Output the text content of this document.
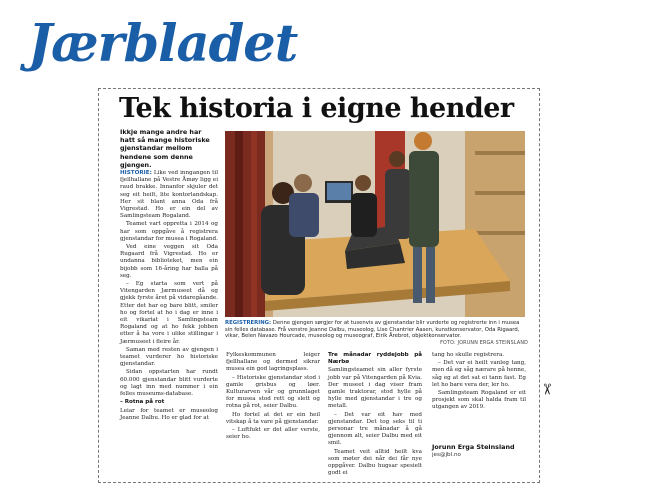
Jærbladet
✂
Tek historia i eigne hender
Ikkje mange andre har hatt så mange historiske gjenstandar mellom hendene som denne gjengen.

HISTORIE: Like ved inngangen til fjellhallane på Vestre Åmøy ligg ei raud brakke. Innanfor skjuler det seg eit heilt, lite kontorlandskap. Her sit blant anna Oda frå Vigrestad. Ho er ein del av Samlingsteam Rogaland.

Teamet vart oppretta i 2014 og har som oppgåve å registrera gjenstandar for musea i Rogaland.

Ved eine veggen sit Oda Rugaard frå Vigrestad. Ho er undanna biblioteket, men ein bijobb som 16-åring har balla på seg.

– Eg starta som vert på Vitengarden Jærmuseet då eg gjekk fyrste året på vidaregåande. Etter det har eg bare blitt, smiler ho og fortel at ho i dag er inne i eit vikariat i Samlingsteam Rogaland og at ho fekk jobben etter å ha vore i ulike stillingar i Jærmuseet i fleire år.

Saman med resten av gjengen i teamet vurderer ho historiske gjenstandar.

Sidan oppstarten har rundt 60.000 gjenstandar blitt vurderte og lagt inn med nummer i ein felles museums-database.

– Rotna på rot

Leiar for teamet er museolog Jeanne Dalbu. Ho er glad for at

REGISTRERING: Denne gjengen sørgjer for at tusenvis av gjenstandar blir vurderte og registrerte inn i musea sin felles database. Frå venstre Jeanne Dalbu, museolog, Lise Chantrier Aasen, kunstkonservator, Oda Rigaard, vikar, Belen Navazo Hourcade, museolog og museograf, Eirik Årebrot, objektkonservator.
FOTO: JORUNN ERGA STEINSLAND

Fylkeskommunen leiger fjellhallane og dermed sikrar musea ein god lagringsplass.

– Historiske gjenstandar stod i gamle grisbus og løer. Kulturarven vår og grunnlaget for musea stod rett og slett og rotna på rot, seier Dalbu.

Ho fortel at det er ein heil vitskap å ta vare på gjenstandar.

– Luftfukt er det aller verste, seier ho.

Tre månadar ryddejobb på Nærbø

Samlingsteamet sin aller fyrste jobb var på Vitengarden på Kvia. Der museet i dag viser fram gamle traktorar, stod hylle på hylle med gjenstandar i tre og metall.

– Det var eit hav med gjenstandar. Det tog seks til ti personar tre månadar å gå gjennom alt, seier Dalbu med eit smil.

Teamet veit alltid heilt kva som møter dei når dei får nye oppgåver. Dalbu hugsar spesielt godt ei

tang ho skulle registrera.

– Det var ei heilt vanleg tang, men då eg såg nærare på henne, såg eg at det sat ei tann fast. Eg let ho bare vera der, ler ho.

Samlingsteam Rogaland er eit prosjekt som skal halda fram til utgangen av 2019.

Jorunn Erga Steinsland
jes@jbl.no
